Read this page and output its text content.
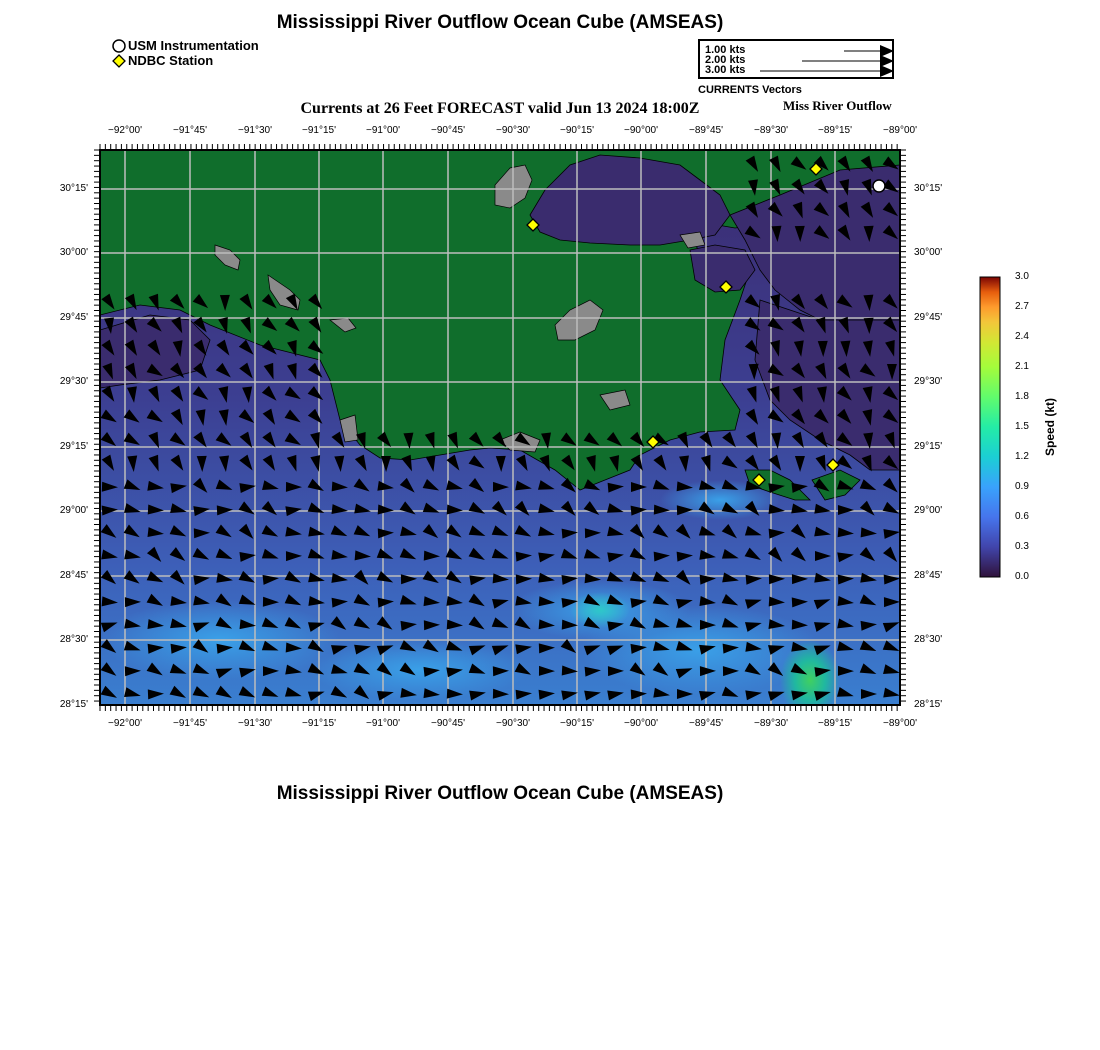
Mississippi River Outflow Ocean Cube (AMSEAS)
Mississippi River Outflow Ocean Cube (AMSEAS)
USM Instrumentation
NDBC Station
1.00 kts
2.00 kts
3.00 kts
CURRENTS Vectors
Currents at 26 Feet FORECAST valid Jun 13 2024 18:00Z	Miss River Outflow
−92°00'
−92°00'
−91°45'
−91°45'
−91°30'
−91°30'
−91°15'
−91°15'
−91°00'
−91°00'
−90°45'
−90°45'
−90°30'
−90°30'
−90°15'
−90°15'
−90°00'
−90°00'
−89°45'
−89°45'
−89°30'
−89°30'
−89°15'
−89°15'
−89°00'
−89°00'
30°15'	30°15'
30°00'	30°00'
29°45'	29°45'
29°30'	29°30'
29°15'	29°15'
29°00'	29°00'
28°45'	28°45'
28°30'	28°30'
28°15'	28°15'
3.0
2.7
2.4
2.1
1.8
1.5
1.2
0.9
0.6
0.3
0.0
Speed (kt)
